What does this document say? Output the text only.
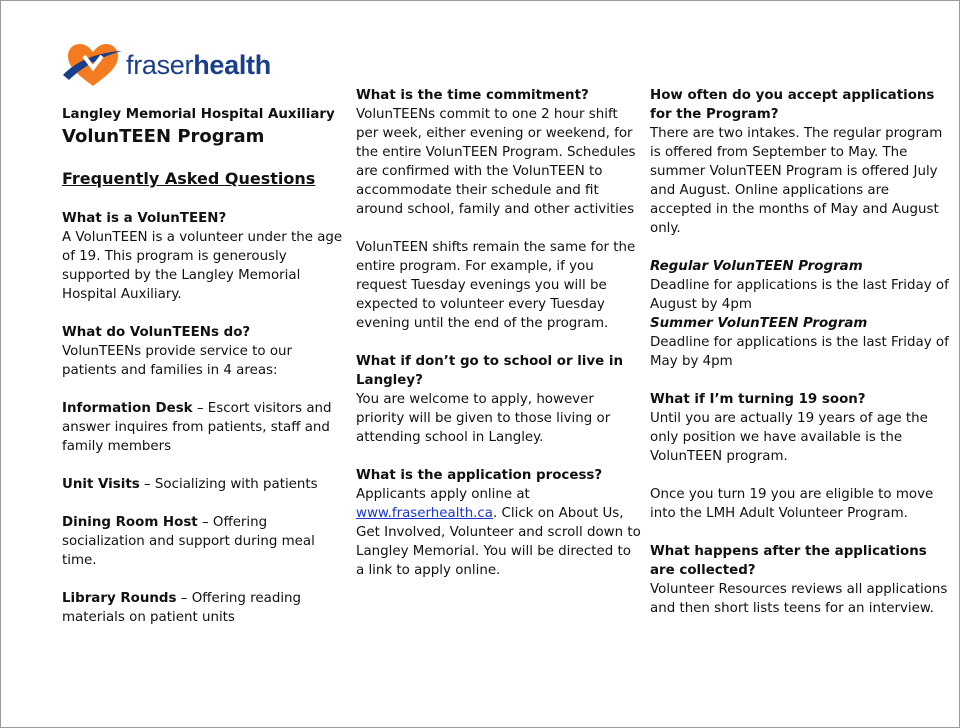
fraserhealth
Langley Memorial Hospital Auxiliary
VolunTEEN Program
Frequently Asked Questions

What is a VolunTEEN?

A VolunTEEN is a volunteer under the age of 19. This program is generously supported by the Langley Memorial Hospital Auxiliary.

What do VolunTEENs do?

VolunTEENs provide service to our patients and families in 4 areas:

Information Desk – Escort visitors and answer inquires from patients, staff and family members

Unit Visits – Socializing with patients

Dining Room Host – Offering socialization and support during meal time.

Library Rounds – Offering reading materials on patient units

What is the time commitment?

VolunTEENs commit to one 2 hour shift per week, either evening or weekend, for the entire VolunTEEN Program. Schedules are confirmed with the VolunTEEN to accommodate their schedule and fit around school, family and other activities

VolunTEEN shifts remain the same for the entire program. For example, if you request Tuesday evenings you will be expected to volunteer every Tuesday evening until the end of the program.

What if don’t go to school or live in Langley?

You are welcome to apply, however priority will be given to those living or attending school in Langley.

What is the application process?

Applicants apply online at
www.fraserhealth.ca. Click on About Us, Get Involved, Volunteer and scroll down to Langley Memorial. You will be directed to a link to apply online.

How often do you accept applications for the Program?

There are two intakes. The regular program is offered from September to May. The summer VolunTEEN Program is offered July and August. Online applications are accepted in the months of May and August only.

Regular VolunTEEN Program

Deadline for applications is the last Friday of August by 4pm

Summer VolunTEEN Program

Deadline for applications is the last Friday of May by 4pm

What if I’m turning 19 soon?

Until you are actually 19 years of age the only position we have available is the VolunTEEN program.

Once you turn 19 you are eligible to move into the LMH Adult Volunteer Program.

What happens after the applications are collected?

Volunteer Resources reviews all applications and then short lists teens for an interview.
